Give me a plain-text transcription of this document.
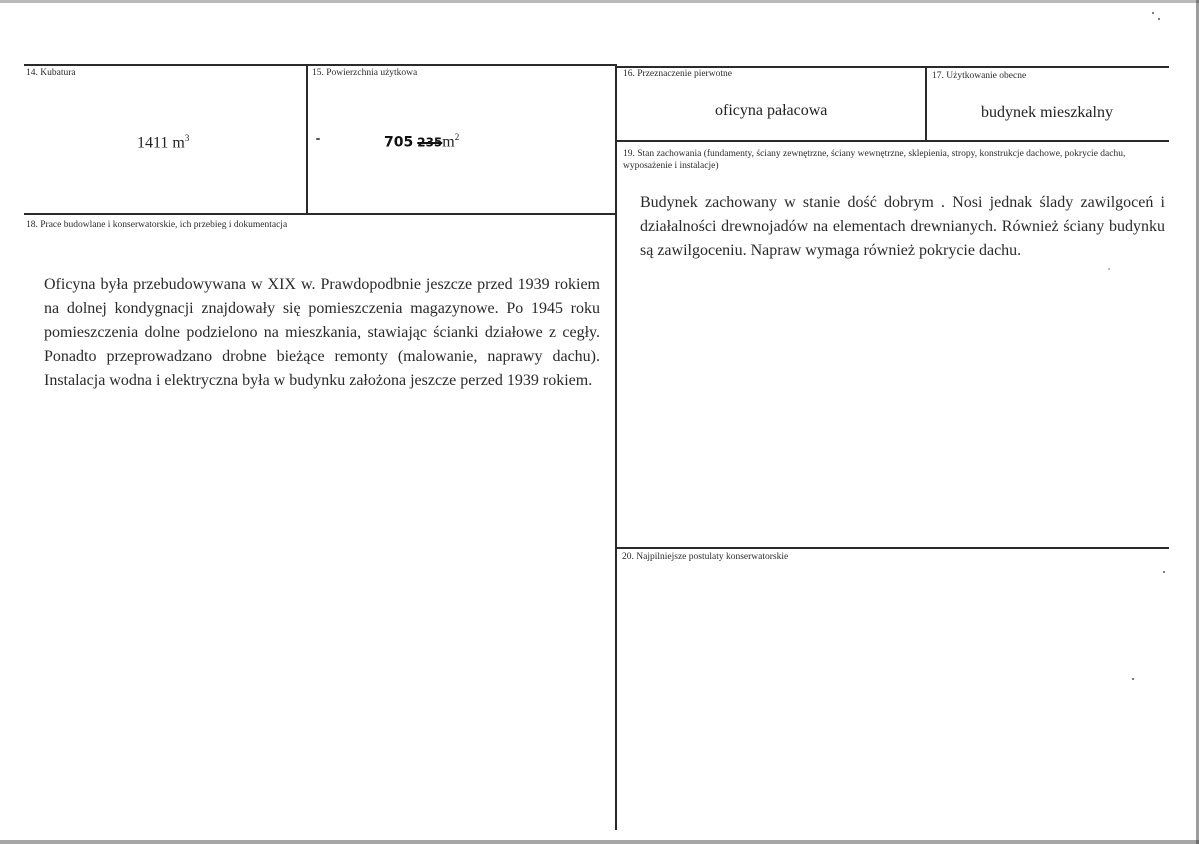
14. Kubatura
1411 $m^3$
15. Powierzchnia użytkowa
705 $235m^2$
16. Przeznaczenie pierwotne
oficyna pałacowa
17. Użytkowanie obecne
budynek mieszkalny
18. Prace budowlane i konserwatorskie, ich przebieg i dokumentacja
Oficyna była przebudowywana w XIX w. Prawdopodbnie jeszcze przed 1939 rokiem na dolnej kondygnacji znajdowały się pomieszczenia magazynowe. Po 1945 roku pomieszczenia dolne podzielono na mieszkania, stawiając ścianki działowe z cegły. Ponadto przeprowadzano drobne bieżące remonty (malowanie, naprawy dachu). Instalacja wodna i elektryczna była w budynku założona jeszcze perzed 1939 rokiem.
19. Stan zachowania (fundamenty, ściany zewnętrzne, ściany wewnętrzne, sklepienia, stropy, konstrukcje dachowe, pokrycie dachu, wyposażenie i instalacje)
Budynek zachowany w stanie dość dobrym . Nosi jednak ślady zawilgoceń i działalności drewnojadów na elementach drewnianych. Również ściany budynku są zawilgoceniu. Napraw wymaga również pokrycie dachu.
20. Najpilniejsze postulaty konserwatorskie
